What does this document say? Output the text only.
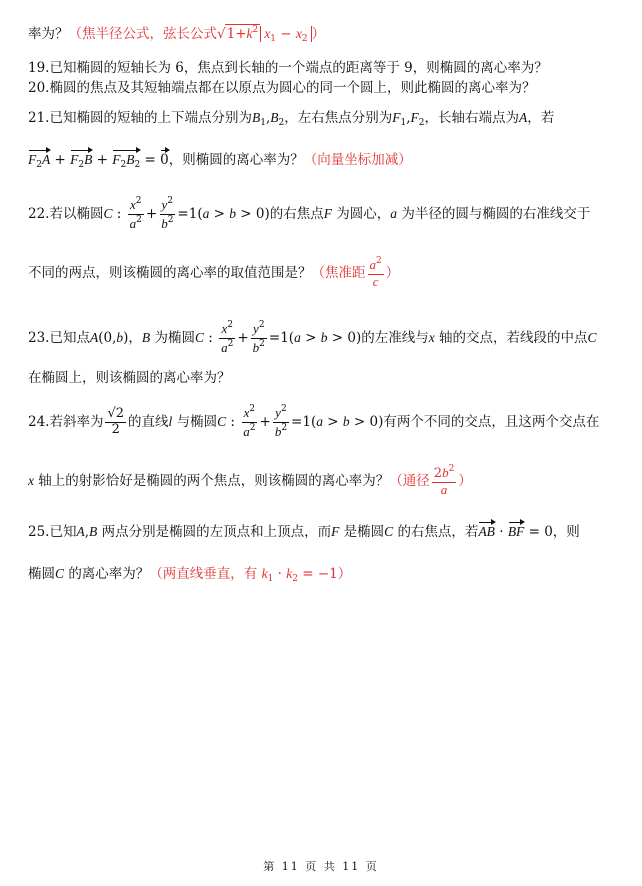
率为？（焦半径公式，弦长公式$√1+k^2$ $x_1 - x_2$ ）
19.已知椭圆的短轴长为 6，焦点到长轴的一个端点的距离等于 9，则椭圆的离心率为？
20.椭圆的焦点及其短轴端点都在以原点为圆心的同一个圆上，则此椭圆的离心率为？
21.已知椭圆的短轴的上下端点分别为$B_1,B_2$，左右焦点分别为$F_1,F_2$，长轴右端点为A，若
$F_2A + F_2B + F_2B_2 = 0$，则椭圆的离心率为？（向量坐标加减）
22.若以椭圆C : $\frac{x^2}{a^2} + \frac{y^2}{b^2} =1(a > b > 0)$的右焦点F 为圆心，a 为半径的圆与椭圆的右准线交于
不同的两点，则该椭圆的离心率的取值范围是？（焦准距 $\frac{a^2}{c}$ ）
23.已知点A(0,b)，B 为椭圆C : $\frac{x^2}{a^2} + \frac{y^2}{b^2} =1(a > b > 0)$的左准线与x 轴的交点，若线段的中点C
在椭圆上，则该椭圆的离心率为？
24.若斜率为 $\frac{√2}{2}$ 的直线l 与椭圆C : $\frac{x^2}{a^2} + \frac{y^2}{b^2} =1(a > b > 0)$有两个不同的交点，且这两个交点在
x 轴上的射影恰好是椭圆的两个焦点，则该椭圆的离心率为？（通径 $\frac{2b^2}{a}$ ）
25.已知A,B 两点分别是椭圆的左顶点和上顶点，而F 是椭圆C 的右焦点，若AB · BF = 0，则
椭圆C 的离心率为？（两直线垂直，有 $k_1 \cdot k_2 = -1$）
第 11 页 共 11 页
